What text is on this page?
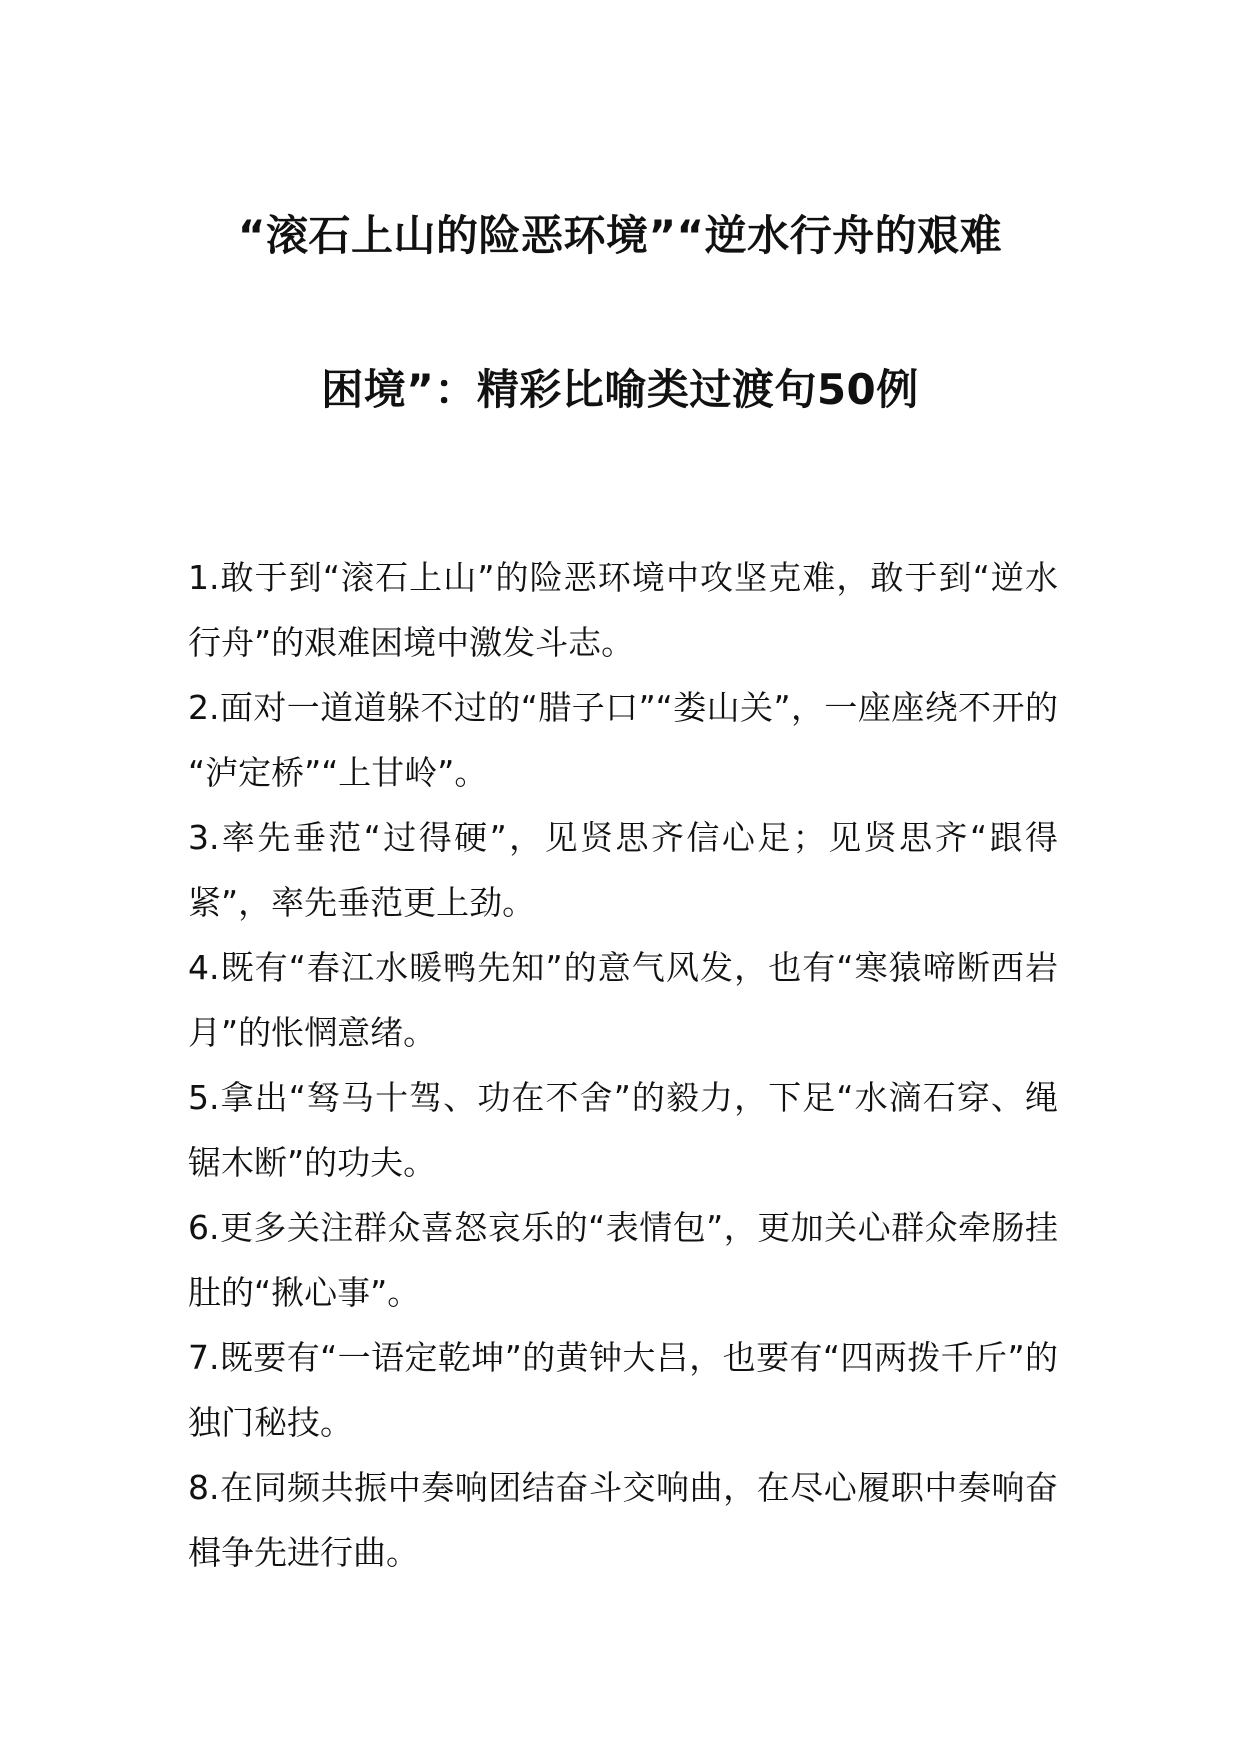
“滚石上山的险恶环境”“逆水行舟的艰难
困境”：精彩比喻类过渡句50例

1.敢于到“滚石上山”的险恶环境中攻坚克难，敢于到“逆水行舟”的艰难困境中激发斗志。

2.面对一道道躲不过的“腊子口”“娄山关”，一座座绕不开的 “泸定桥”“上甘岭”。

3.率先垂范“过得硬”，见贤思齐信心足；见贤思齐“跟得紧”，率先垂范更上劲。

4.既有“春江水暖鸭先知”的意气风发，也有“寒猿啼断西岩月”的怅惘意绪。

5.拿出“驽马十驾、功在不舍”的毅力，下足“水滴石穿、绳锯木断”的功夫。

6.更多关注群众喜怒哀乐的“表情包”，更加关心群众牵肠挂肚的“揪心事”。

7.既要有“一语定乾坤”的黄钟大吕，也要有“四两拨千斤”的独门秘技。

8.在同频共振中奏响团结奋斗交响曲，在尽心履职中奏响奋楫争先进行曲。
